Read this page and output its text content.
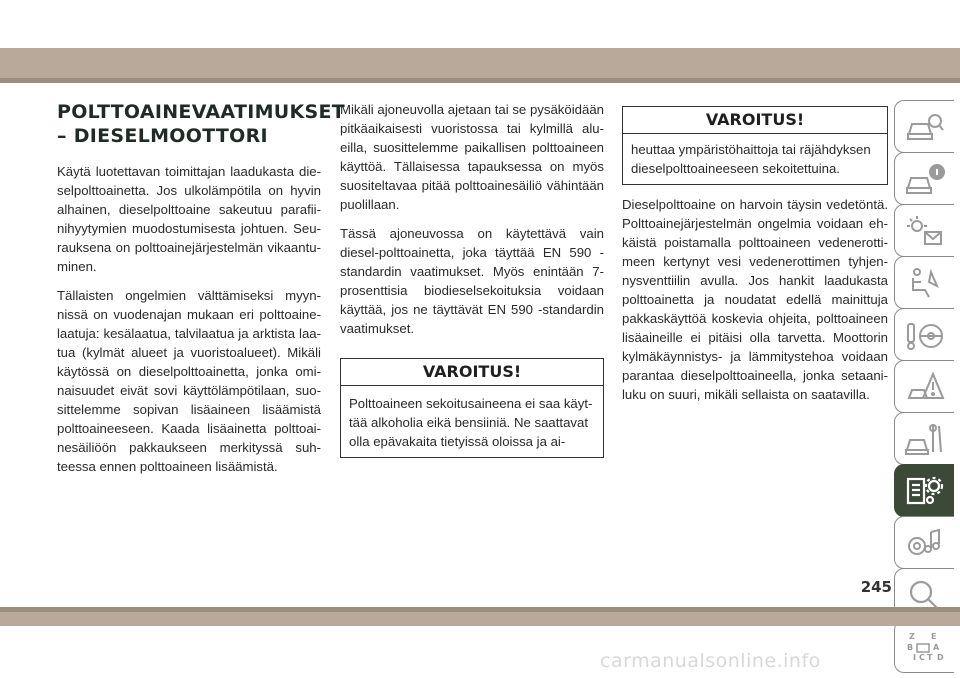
POLTTOAINEVAATIMUKSET
– DIESELMOOTTORI

Käytä luotettavan toimittajan laadukasta die-selpolttoainetta. Jos ulkolämpötila on hyvin alhainen, dieselpolttoaine sakeutuu parafii-nihyytymien muodostumisesta johtuen. Seu-rauksena on polttoainejärjestelmän vikaantu-minen.

Tällaisten ongelmien välttämiseksi myyn-nissä on vuodenajan mukaan eri polttoaine-laatuja: kesälaatua, talvilaatua ja arktista laa-tua (kylmät alueet ja vuoristoalueet). Mikäli käytössä on dieselpolttoainetta, jonka omi-naisuudet eivät sovi käyttölämpötilaan, suo-sittelemme sopivan lisäaineen lisäämistä polttoaineeseen. Kaada lisäainetta polttoai-nesäiliöön pakkaukseen merkityssä suh-teessa ennen polttoaineen lisäämistä.

Mikäli ajoneuvolla ajetaan tai se pysäköidään pitkäaikaisesti vuoristossa tai kylmillä alu-eilla, suosittelemme paikallisen polttoaineen käyttöä. Tällaisessa tapauksessa on myös suositeltavaa pitää polttoainesäiliö vähintään puolillaan.

Tässä ajoneuvossa on käytettävä vain diesel-polttoainetta, joka täyttää EN 590 -standardin vaatimukset. Myös enintään 7-prosenttisia biodieselsekoituksia voidaan käyttää, jos ne täyttävät EN 590 -standardin vaatimukset.

VAROITUS!
Polttoaineen sekoitusaineena ei saa käyt-tää alkoholia eikä bensiiniä. Ne saattavat olla epävakaita tietyissä oloissa ja ai-
VAROITUS!
heuttaa ympäristöhaittoja tai räjähdyksen dieselpolttoaineeseen sekoitettuina.

Dieselpolttoaine on harvoin täysin vedetöntä. Polttoainejärjestelmän ongelmia voidaan eh-käistä poistamalla polttoaineen vedenerotti-meen kertynyt vesi vedenerottimen tyhjen-nysventtiilin avulla. Jos hankit laadukasta polttoainetta ja noudatat edellä mainittuja pakkaskäyttöä koskevia ohjeita, polttoaineen lisäaineille ei pitäisi olla tarvetta. Moottorin kylmäkäynnistys- ja lämmitystehoa voidaan parantaa dieselpolttoaineella, jonka setaani-luku on suuri, mikäli sellaista on saatavilla.

Z E
B A
I C T D
245
carmanualsonline.info
